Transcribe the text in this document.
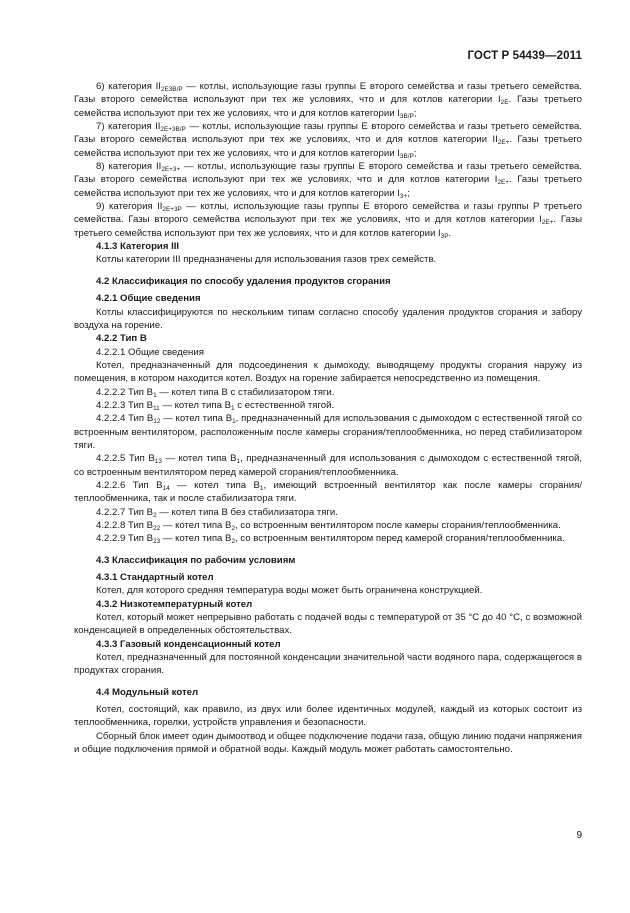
ГОСТ Р 54439—2011

6) категория $II_{2E3B/P}$ — котлы, использующие газы группы Е второго семейства и газы третьего семейства. Газы второго семейства используют при тех же условиях, что и для котлов категории $I_{2E}$. Газы третьего семейства используют при тех же условиях, что и для котлов категории $I_{3B/P}$;

7) категория $II_{2E+3B/P}$ — котлы, использующие газы группы Е второго семейства и газы третьего семейства. Газы второго семейства используют при тех же условиях, что и для котлов категории $II_{2E+}$. Газы третьего семейства используют при тех же условиях, что и для котлов категории $I_{3B/P}$;

8) категория $II_{2E+3+}$ — котлы, использующие газы группы Е второго семейства и газы третьего семейства. Газы второго семейства используют при тех же условиях, что и для котлов категории $I_{2E+}$. Газы третьего семейства используют при тех же условиях, что и для котлов категории $I_{3+}$;

9) категория $II_{2E+3P}$ — котлы, использующие газы группы Е второго семейства и газы группы Р третьего семейства. Газы второго семейства используют при тех же условиях, что и для котлов категории $I_{2E+}$. Газы третьего семейства используют при тех же условиях, что и для котлов категории $I_{3P}$.

4.1.3 Категория III

Котлы категории III предназначены для использования газов трех семейств.

4.2 Классификация по способу удаления продуктов сгорания

4.2.1 Общие сведения

Котлы классифицируются по нескольким типам согласно способу удаления продуктов сгорания и забору воздуха на горение.

4.2.2 Тип В

4.2.2.1 Общие сведения

Котел, предназначенный для подсоединения к дымоходу, выводящему продукты сгорания наружу из помещения, в котором находится котел. Воздух на горение забирается непосредственно из помещения.

4.2.2.2 Тип $B_1$ — котел типа B с стабилизатором тяги.

4.2.2.3 Тип $B_{11}$ — котел типа $B_1$ с естественной тягой.

4.2.2.4 Тип $B_{12}$ — котел типа $B_1$, предназначенный для использования с дымоходом с естественной тягой со встроенным вентилятором, расположенным после камеры сгорания/теплообменника, но перед стабилизатором тяги.

4.2.2.5 Тип $B_{13}$ — котел типа $B_1$, предназначенный для использования с дымоходом с естественной тягой, со встроенным вентилятором перед камерой сгорания/теплообменника.

4.2.2.6 Тип $B_{14}$ — котел типа $B_1$, имеющий встроенный вентилятор как после камеры сгорания/теплообменника, так и после стабилизатора тяги.

4.2.2.7 Тип $B_2$ — котел типа B без стабилизатора тяги.

4.2.2.8 Тип $B_{22}$ — котел типа $B_2$, со встроенным вентилятором после камеры сгорания/теплообменника.

4.2.2.9 Тип $B_{23}$ — котел типа $B_2$, со встроенным вентилятором перед камерой сгорания/теплообменника.

4.3 Классификация по рабочим условиям

4.3.1 Стандартный котел

Котел, для которого средняя температура воды может быть ограничена конструкцией.

4.3.2 Низкотемпературный котел

Котел, который может непрерывно работать с подачей воды с температурой от 35 °С до 40 °С, с возможной конденсацией в определенных обстоятельствах.

4.3.3 Газовый конденсационный котел

Котел, предназначенный для постоянной конденсации значительной части водяного пара, содержащегося в продуктах сгорания.

4.4 Модульный котел

Котел, состоящий, как правило, из двух или более идентичных модулей, каждый из которых состоит из теплообменника, горелки, устройств управления и безопасности.

Сборный блок имеет один дымоотвод и общее подключение подачи газа, общую линию подачи напряжения и общие подключения прямой и обратной воды. Каждый модуль может работать самостоятельно.

9
